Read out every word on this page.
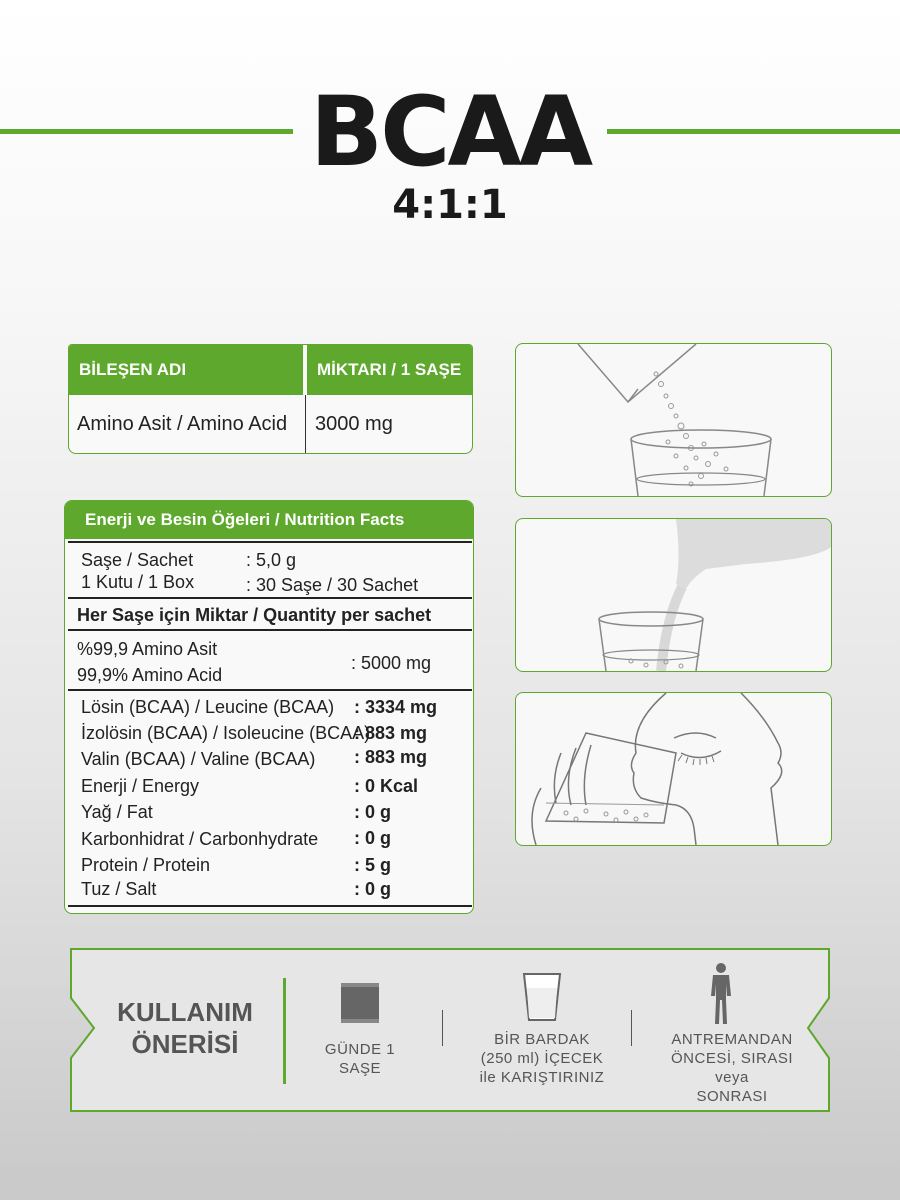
BCAA
4:1:1
BİLEŞEN ADI	MİKTARI / 1 SAŞE
Amino Asit / Amino Acid 3000 mg
Enerji ve Besin Öğeleri / Nutrition Facts
Saşe / Sachet	: 5,0 g
1 Kutu / 1 Box	: 30 Saşe / 30 Sachet
Her Saşe için Miktar / Quantity per sachet
%99,9 Amino Asit
99,9% Amino Acid
: 5000 mg
Lösin (BCAA) / Leucine (BCAA) : 3334 mg
İzolösin (BCAA) / Isoleucine (BCAA)
: 883 mg
Valin (BCAA) / Valine (BCAA) : 883 mg
Enerji / Energy	: 0 Kcal
Yağ / Fat	: 0 g
Karbonhidrat / Carbonhydrate : 0 g
Protein / Protein	: 5 g
Tuz / Salt	: 0 g
KULLANIM
ÖNERİSİ	GÜNDE 1
SAŞE
BİR BARDAK
(250 ml) İÇECEK
ile KARIŞTIRINIZ
ANTREMANDAN
ÖNCESİ, SIRASI veya
SONRASI
